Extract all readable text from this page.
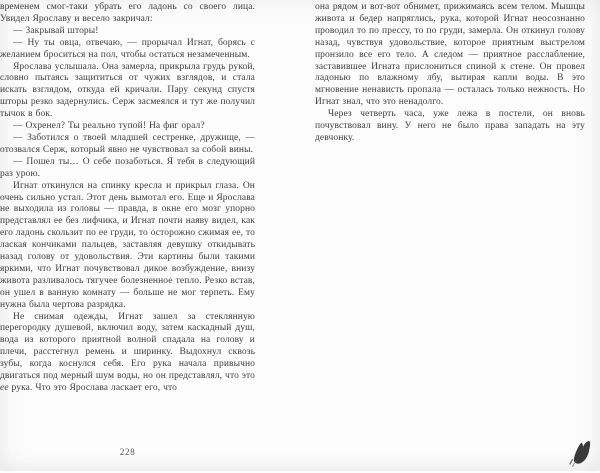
временем смог-таки убрать его ладонь со своего лица. Увидел Ярославу и весело закричал:

— Закрывай шторы!

— Ну ты овца, отвечаю, — прорычал Игнат, борясь с желанием броситься на пол, чтобы остаться незамеченным.

Ярослава услышала. Она замерла, прикрыла грудь рукой, словно пытаясь защититься от чужих взглядов, и стала искать взглядом, откуда ей кричали. Пару секунд спустя шторы резко задернулись. Серж засмеялся и тут же получил тычок в бок.

— Охренел? Ты реально тупой! На фиг орал?

— Заботился о твоей младшей сестренке, дружище, — отозвался Серж, который явно не чувствовал за собой вины.

— Пошел ты… О себе позаботься. Я тебя в следующий раз урою.

Игнат откинулся на спинку кресла и прикрыл глаза. Он очень сильно устал. Этот день вымотал его. Еще и Ярослава не выходила из головы — правда, в окне его мозг упорно представлял ее без лифчика, и Игнат почти наяву видел, как его ладонь скользит по ее груди, то осторожно сжимая ее, то лаская кончиками пальцев, заставляя девушку откидывать назад голову от удовольствия. Эти картины были такими яркими, что Игнат почувствовал дикое возбуждение, внизу живота разливалось тягучее болезненное тепло. Резко встав, он ушел в ванную комнату — больше не мог терпеть. Ему нужна была чертова разрядка.

Не снимая одежды, Игнат зашел за стеклянную перегородку душевой, включил воду, затем каскадный душ, вода из которого приятной волной спадала на голову и плечи, расстегнул ремень и ширинку. Выдохнул сквозь зубы, когда коснулся себя. Его рука начала привычно двигаться под мерный шум воды, но он представлял, что это ее рука. Что это Ярослава ласкает его, что

она рядом и вот-вот обнимет, прижимаясь всем телом. Мышцы живота и бедер напряглись, рука, которой Игнат неосознанно проводил то по прессу, то по груди, замерла. Он откинул голову назад, чувствуя удовольствие, которое приятным выстрелом пронзило все его тело. А следом — приятное расслабление, заставившее Игната прислониться спиной к стене. Он провел ладонью по влажному лбу, вытирая капли воды. В это мгновение ненависть пропала — осталась только нежность. Но Игнат знал, что это ненадолго.

Через четверть часа, уже лежа в постели, он вновь почувствовал вину. У него не было права западать на эту девчонку.

228
